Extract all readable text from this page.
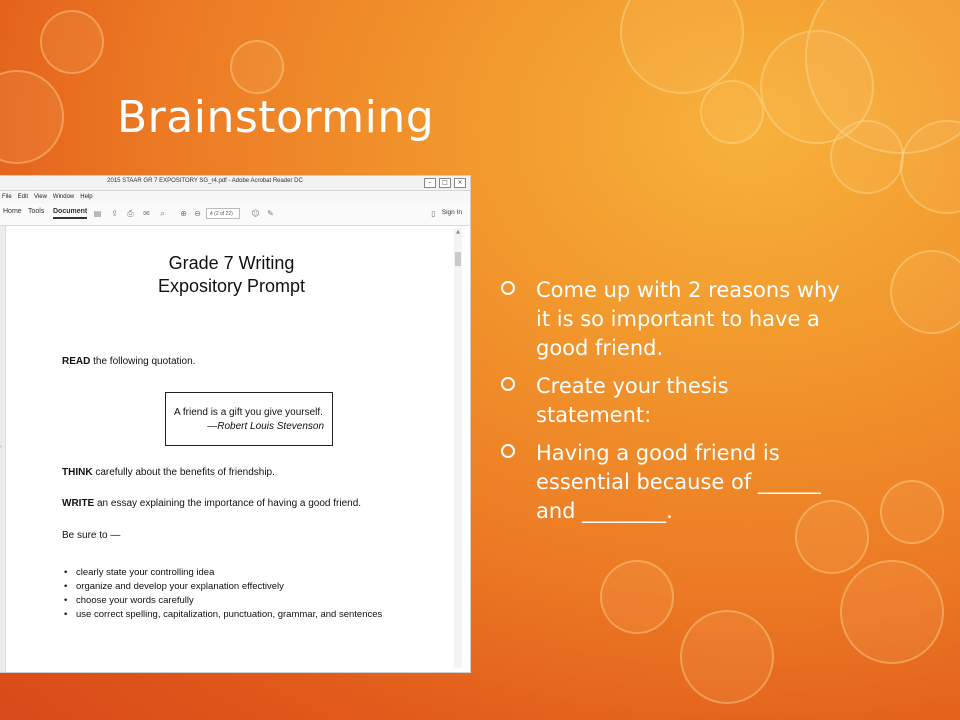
Brainstorming
2015 STAAR GR 7 EXPOSITORY SG_r4.pdf - Adobe Acrobat Reader DC	–	□	×
File Edit View Window Help
Home Tools Document ▤ ⇪ ⎙ ✉	⌕	⊕ ⊖	4 (2 of 22)	☺ ✎	▯ Sign In
›
▲
Grade 7 Writing
Expository Prompt

READ the following quotation.

A friend is a gift you give yourself.
—Robert Louis Stevenson

THINK carefully about the benefits of friendship.

WRITE an essay explaining the importance of having a good friend.

Be sure to —

• clearly state your controlling idea
• organize and develop your explanation effectively
• choose your words carefully
• use correct spelling, capitalization, punctuation, grammar, and sentences
Come up with 2 reasons why it is so important to have a good friend.
Create your thesis statement:
Having a good friend is essential because of ______ and ________.
